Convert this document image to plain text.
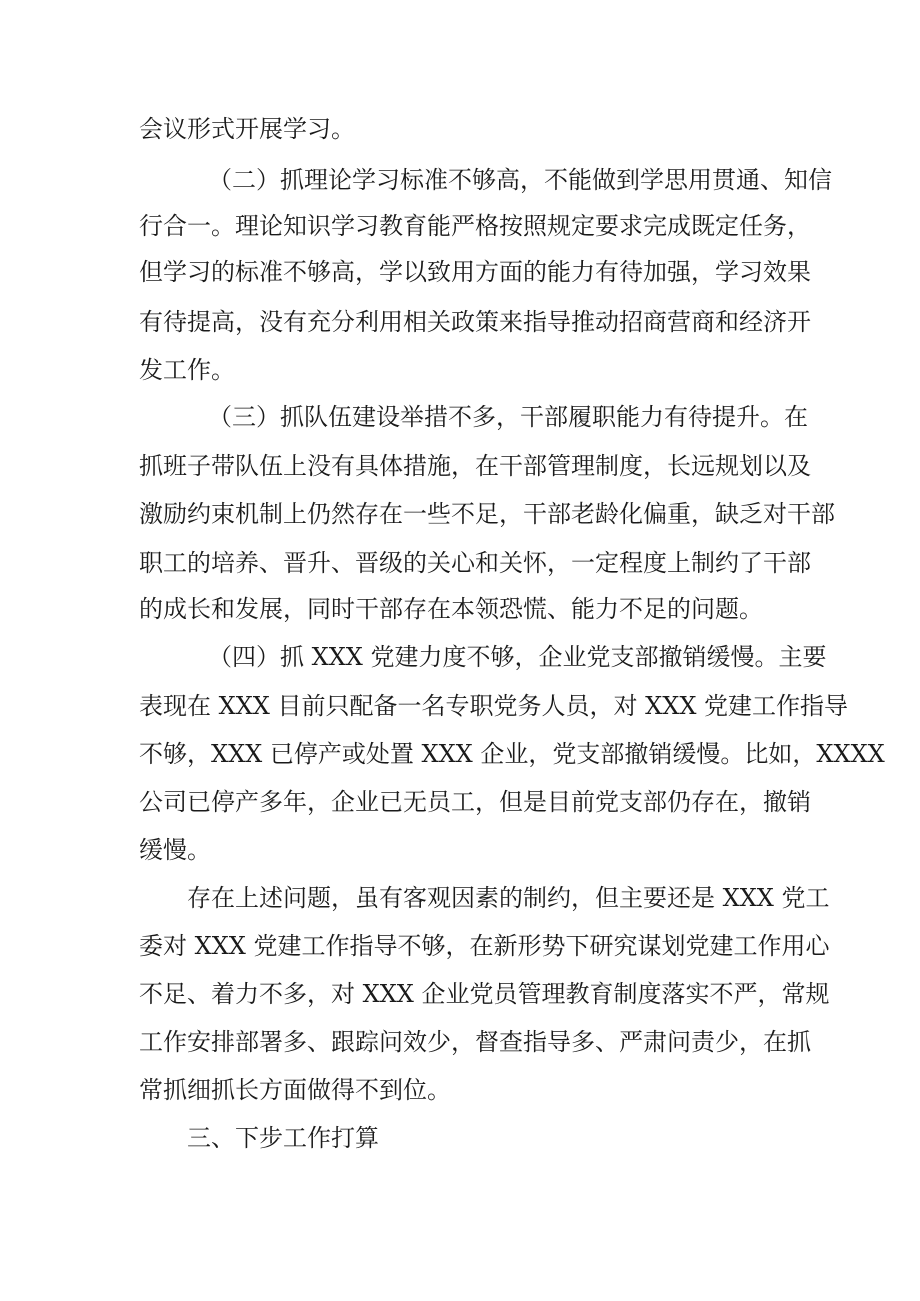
会议形式开展学习。
（二）抓理论学习标准不够高，不能做到学思用贯通、知信
行合一。理论知识学习教育能严格按照规定要求完成既定任务，
但学习的标准不够高，学以致用方面的能力有待加强，学习效果
有待提高，没有充分利用相关政策来指导推动招商营商和经济开
发工作。
（三）抓队伍建设举措不多，干部履职能力有待提升。在
抓班子带队伍上没有具体措施，在干部管理制度，长远规划以及
激励约束机制上仍然存在一些不足，干部老龄化偏重，缺乏对干部
职工的培养、晋升、晋级的关心和关怀，一定程度上制约了干部
的成长和发展，同时干部存在本领恐慌、能力不足的问题。
（四）抓 XXX 党建力度不够，企业党支部撤销缓慢。主要
表现在 XXX 目前只配备一名专职党务人员，对 XXX 党建工作指导
不够，XXX 已停产或处置 XXX 企业，党支部撤销缓慢。比如，XXXX
公司已停产多年，企业已无员工，但是目前党支部仍存在，撤销
缓慢。
存在上述问题，虽有客观因素的制约，但主要还是 XXX 党工
委对 XXX 党建工作指导不够，在新形势下研究谋划党建工作用心
不足、着力不多，对 XXX 企业党员管理教育制度落实不严，常规
工作安排部署多、跟踪问效少，督查指导多、严肃问责少，在抓
常抓细抓长方面做得不到位。
三、下步工作打算
